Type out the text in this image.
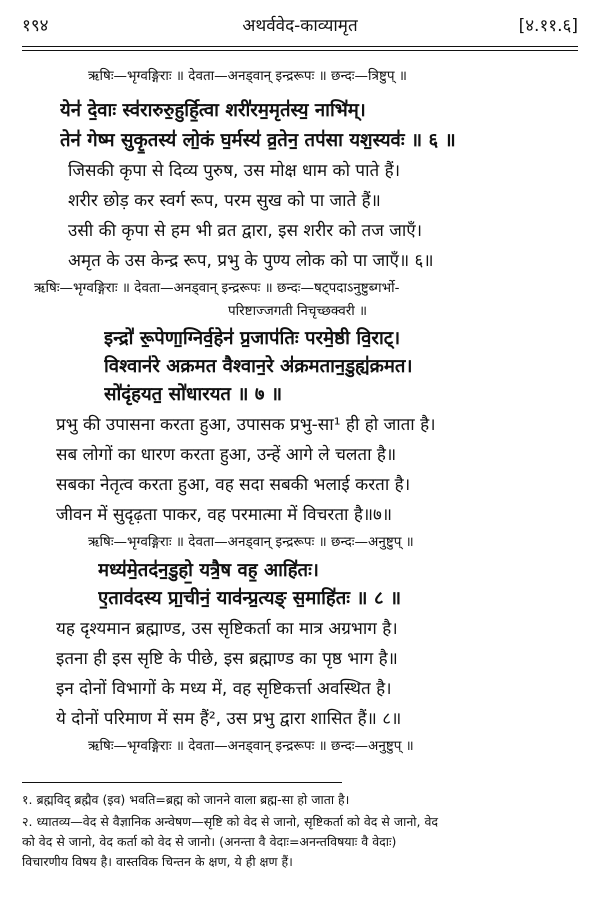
१९४	अथर्ववेद-काव्यामृत	[४.११.६]
ऋषिः—भृग्वङ्गिराः ॥ देवता—अनड्वान् इन्द्ररूपः ॥ छन्दः—त्रिष्टुप् ॥
येन॑ दे॒वाः स्व॑रारुरु॒हुर्हि॒त्वा शरी॑रम॒मृत॑स्य॒ नाभि॑म्।
तेन॑ गेष्म सुकृ॒तस्य॑ लो॒कं घ॒र्मस्य॑ व्र॒तेन॒ तप॑सा यश॒स्यवः॑ ॥ ६ ॥
जिसकी कृपा से दिव्य पुरुष, उस मोक्ष धाम को पाते हैं।
शरीर छोड़ कर स्वर्ग रूप, परम सुख को पा जाते हैं॥
उसी की कृपा से हम भी व्रत द्वारा, इस शरीर को तज जाएँ।
अमृत के उस केन्द्र रूप, प्रभु के पुण्य लोक को पा जाएँ॥ ६॥
ऋषिः—भृग्वङ्गिराः ॥ देवता—अनड्वान् इन्द्ररूपः ॥ छन्दः—षट्पदाऽनुष्टुब्गर्भो-
परिष्टाज्जगती निचृच्छक्वरी ॥
इन्द्रो॑ रू॒पेणा॒ग्निर्व॒हेन॑ प्र॒जाप॑तिः परमे॒ष्ठी वि॒राट्।
विश्वान॑रे अक्रमत वैश्वान॒रे अ॑क्रमतान॒डुह्य॑क्रमत।
सो॑दृंहयत॒ सो॑धारयत ॥ ७ ॥
प्रभु की उपासना करता हुआ, उपासक प्रभु-सा¹ ही हो जाता है।
सब लोगों का धारण करता हुआ, उन्हें आगे ले चलता है॥
सबका नेतृत्व करता हुआ, वह सदा सबकी भलाई करता है।
जीवन में सुदृढ़ता पाकर, वह परमात्मा में विचरता है॥७॥
ऋषिः—भृग्वङ्गिराः ॥ देवता—अनड्वान् इन्द्ररूपः ॥ छन्दः—अनुष्टुप् ॥
मध्य॑मे॒तद॑न॒डुहो॒ यत्रै॒ष वह॒ आहि॑तः।
ए॒ताव॑दस्य प्रा॒चीनं॒ याव॑न्प्र॒त्यङ् स॒माहि॑तः ॥ ८ ॥
यह दृश्यमान ब्रह्माण्ड, उस सृष्टिकर्ता का मात्र अग्रभाग है।
इतना ही इस सृष्टि के पीछे, इस ब्रह्माण्ड का पृष्ठ भाग है॥
इन दोनों विभागों के मध्य में, वह सृष्टिकर्त्ता अवस्थित है।
ये दोनों परिमाण में सम हैं², उस प्रभु द्वारा शासित हैं॥ ८॥
ऋषिः—भृग्वङ्गिराः ॥ देवता—अनड्वान् इन्द्ररूपः ॥ छन्दः—अनुष्टुप् ॥
१. ब्रह्मविद् ब्रह्मैव (इव) भवति=ब्रह्म को जानने वाला ब्रह्म-सा हो जाता है।
२. ध्यातव्य—वेद से वैज्ञानिक अन्वेषण—सृष्टि को वेद से जानो, सृष्टिकर्ता को वेद से जानो, वेद
को वेद से जानो, वेद कर्ता को वेद से जानो। (अनन्ता वै वेदाः=अनन्तविषयाः वै वेदाः)
विचारणीय विषय है। वास्तविक चिन्तन के क्षण, ये ही क्षण हैं।
